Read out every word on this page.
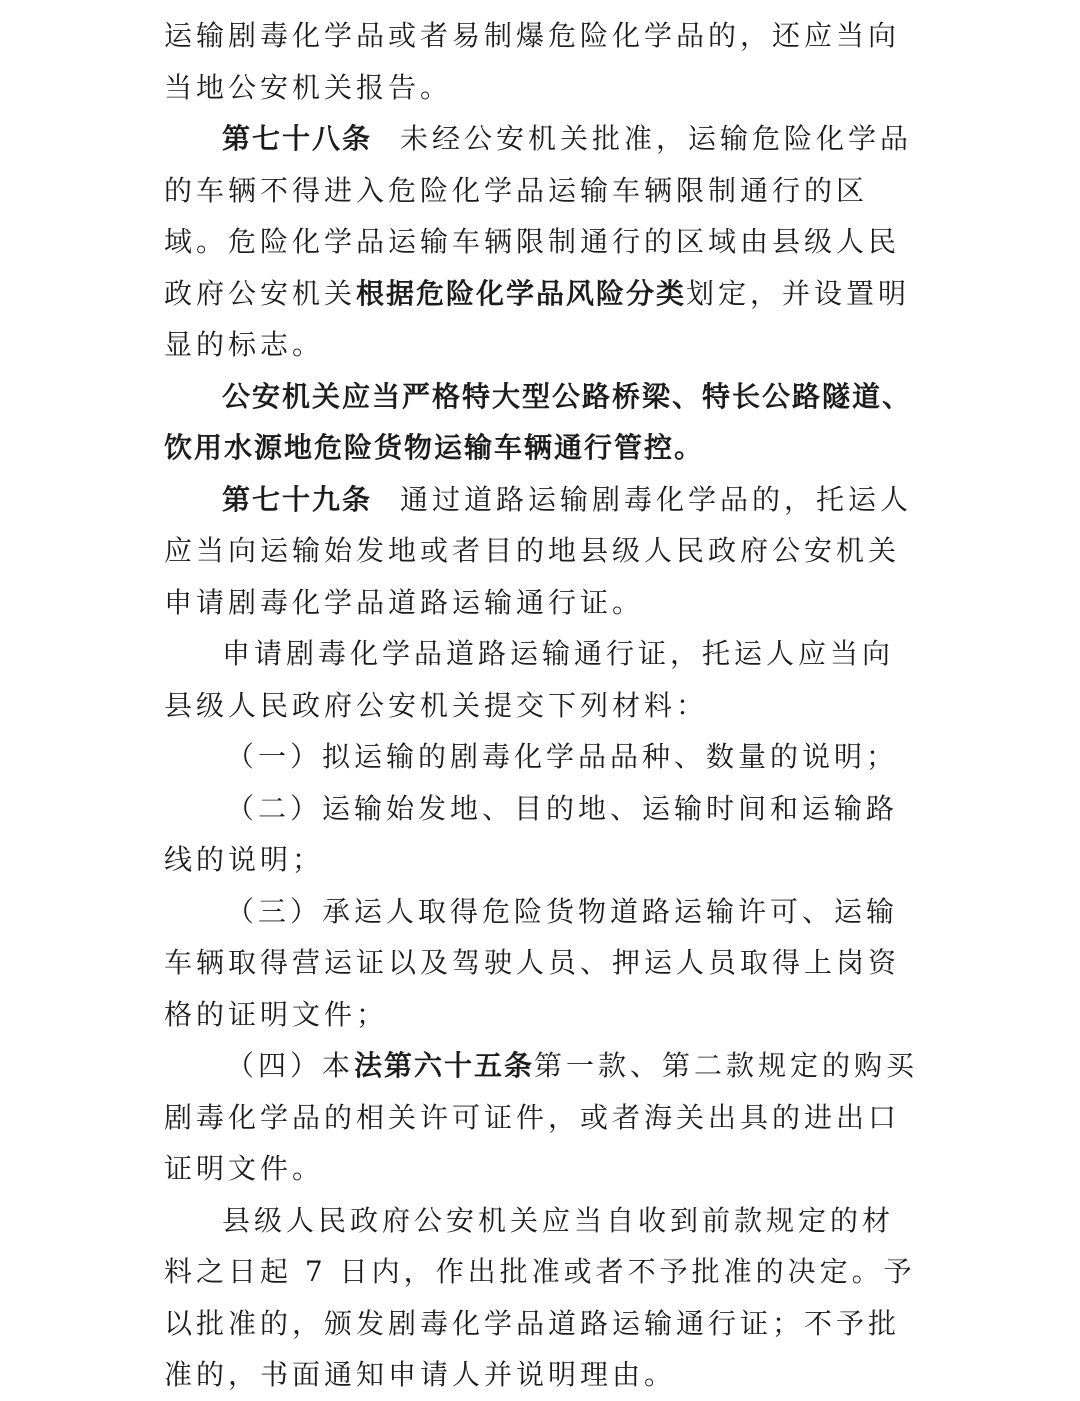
运输剧毒化学品或者易制爆危险化学品的，还应当向当地公安机关报告。

第七十八条 未经公安机关批准，运输危险化学品的车辆不得进入危险化学品运输车辆限制通行的区域。危险化学品运输车辆限制通行的区域由县级人民政府公安机关根据危险化学品风险分类划定，并设置明显的标志。

公安机关应当严格特大型公路桥梁、特长公路隧道、饮用水源地危险货物运输车辆通行管控。

第七十九条 通过道路运输剧毒化学品的，托运人应当向运输始发地或者目的地县级人民政府公安机关申请剧毒化学品道路运输通行证。

申请剧毒化学品道路运输通行证，托运人应当向县级人民政府公安机关提交下列材料：

（一）拟运输的剧毒化学品品种、数量的说明；

（二）运输始发地、目的地、运输时间和运输路线的说明；

（三）承运人取得危险货物道路运输许可、运输车辆取得营运证以及驾驶人员、押运人员取得上岗资格的证明文件；

（四）本法第六十五条第一款、第二款规定的购买剧毒化学品的相关许可证件，或者海关出具的进出口证明文件。

县级人民政府公安机关应当自收到前款规定的材料之日起 7 日内，作出批准或者不予批准的决定。予以批准的，颁发剧毒化学品道路运输通行证；不予批准的，书面通知申请人并说明理由。
